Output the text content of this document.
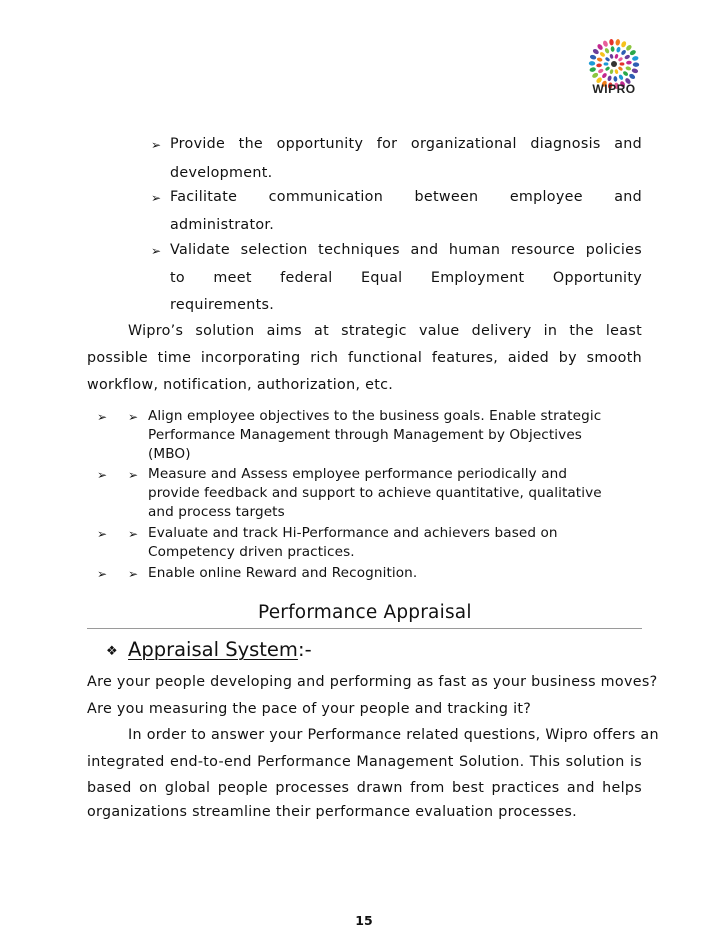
WIPRO
➢ Provide the opportunity for organizational diagnosis and
development.
➢ Facilitate communication between employee and
administrator.
➢ Validate selection techniques and human resource policies
to meet federal Equal Employment Opportunity
requirements.
Wipro’s solution aims at strategic value delivery in the least
possible time incorporating rich functional features, aided by smooth
workflow, notification, authorization, etc.
➢ ➢ Align employee objectives to the business goals. Enable strategic
Performance Management through Management by Objectives
(MBO)
➢ ➢ Measure and Assess employee performance periodically and
provide feedback and support to achieve quantitative, qualitative
and process targets
➢ ➢ Evaluate and track Hi-Performance and achievers based on
Competency driven practices.
➢ ➢ Enable online Reward and Recognition.
Performance Appraisal
❖ Appraisal System :-
Are your people developing and performing as fast as your business moves?
Are you measuring the pace of your people and tracking it?
In order to answer your Performance related questions, Wipro offers an
integrated end-to-end Performance Management Solution. This solution is
based on global people processes drawn from best practices and helps
organizations streamline their performance evaluation processes.
15
